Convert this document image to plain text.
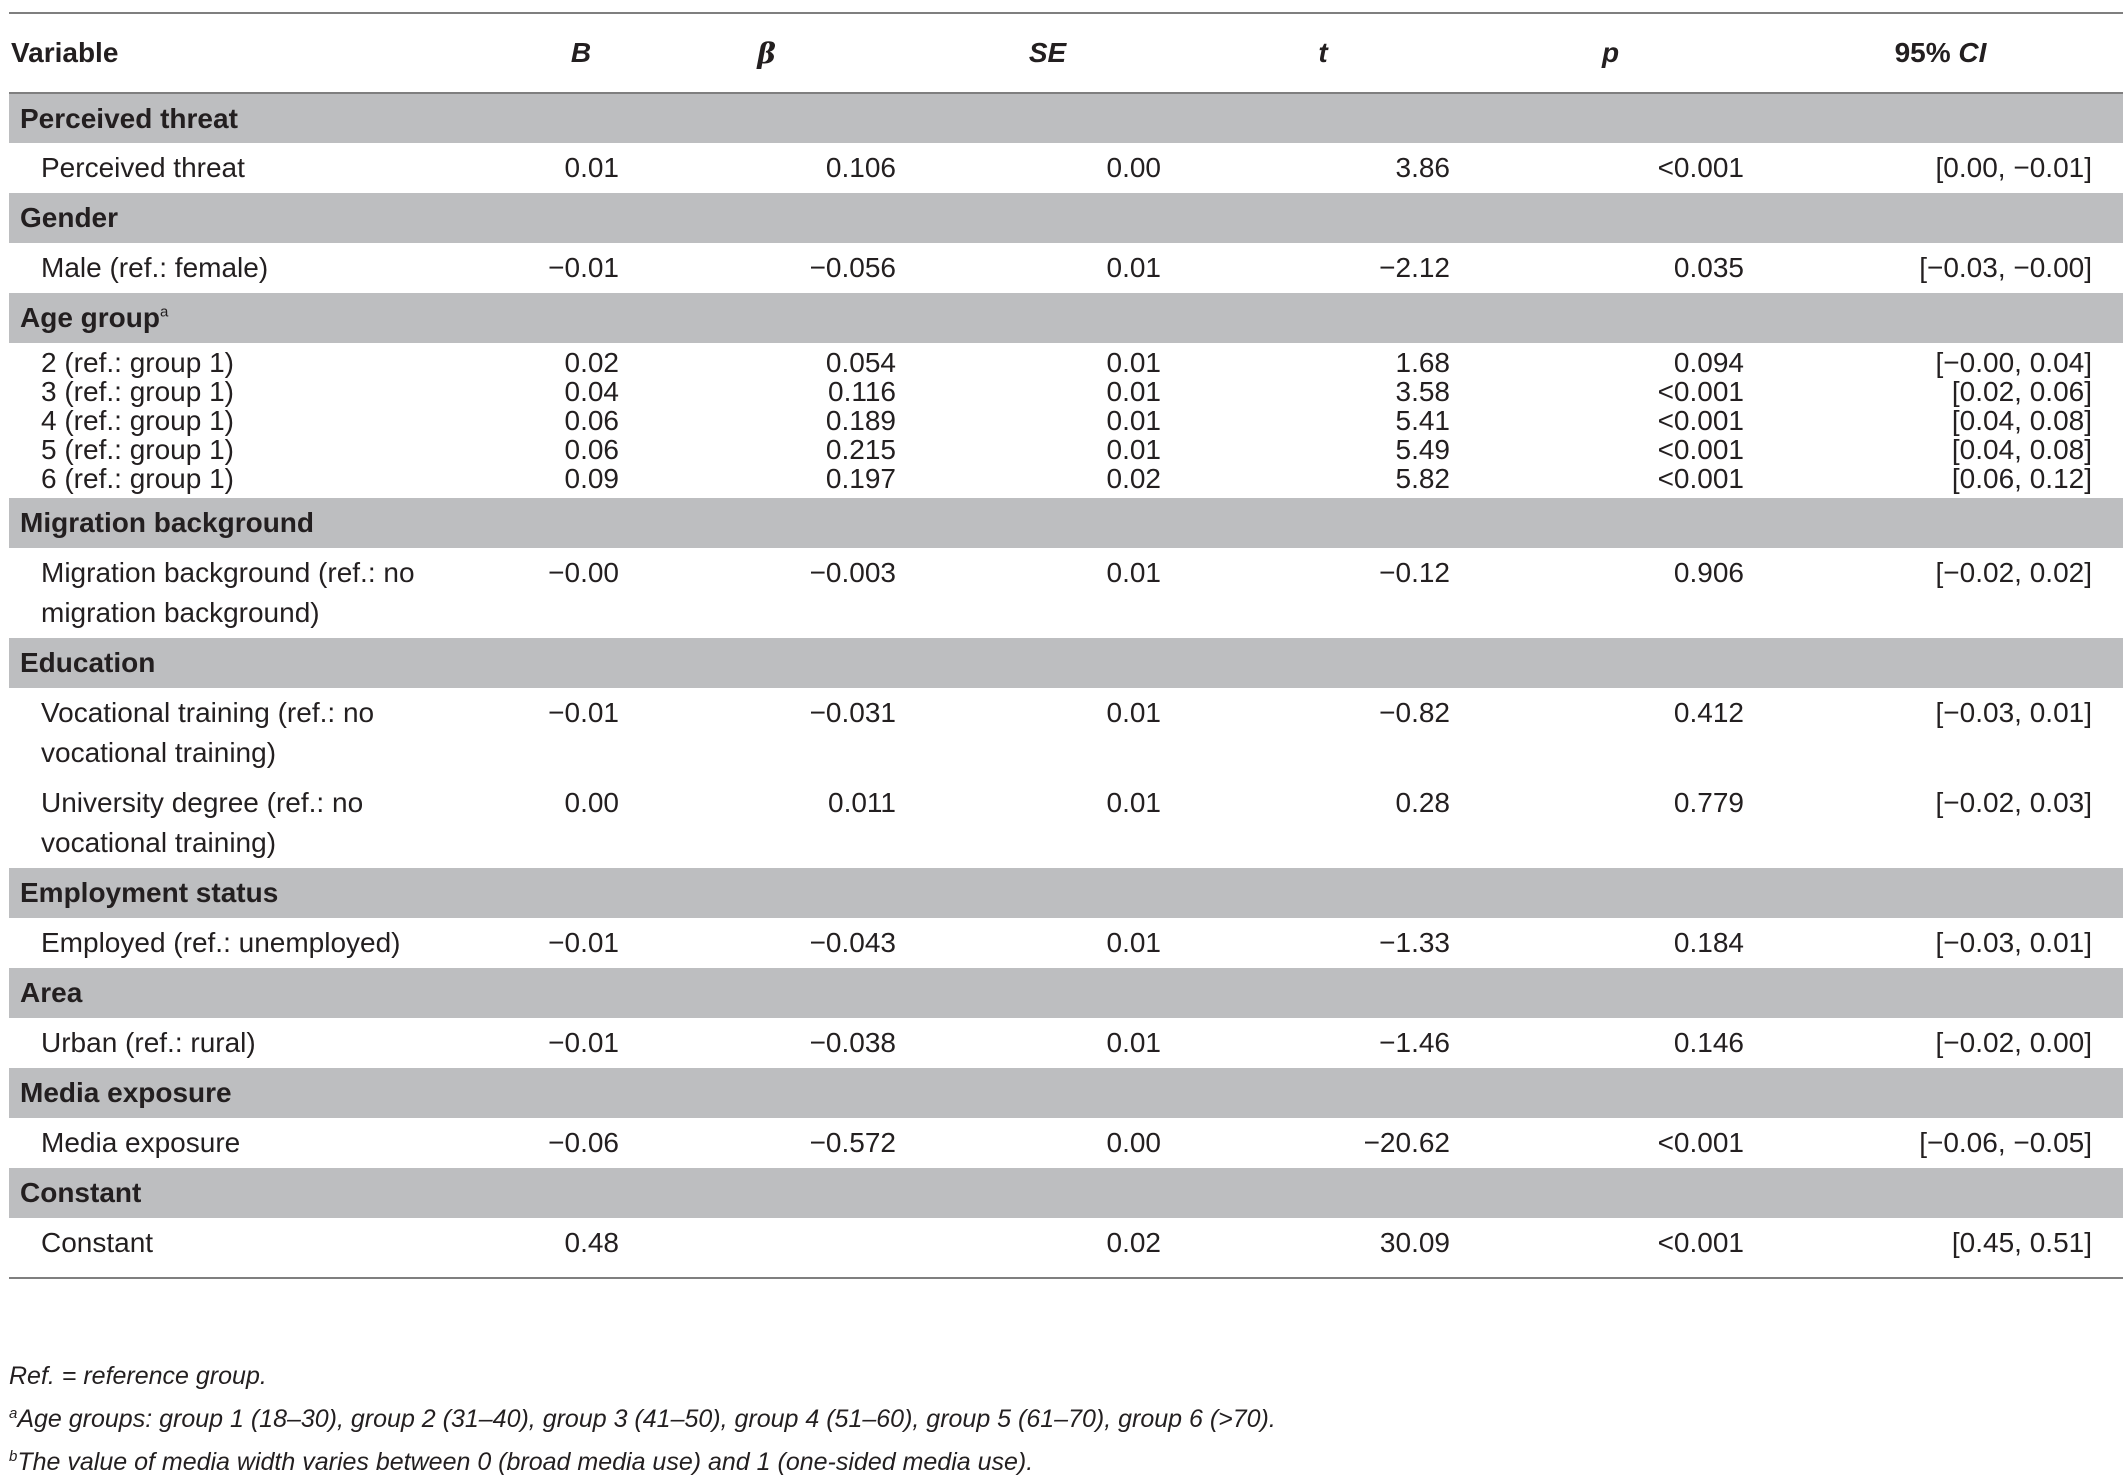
Variable	B	β	SE	t	p	95% CI
Perceived threat						

Perceived threat	0.01	0.106	0.00	3.86	<0.001	[0.00, −0.01]
Gender						

Male (ref.: female)	−0.01	−0.056	0.01	−2.12	0.035	[−0.03, −0.00]
Age group$^a$

2 (ref.: group 1)	0.02	0.054	0.01	1.68	0.094	[−0.00, 0.04]

3 (ref.: group 1)	0.04	0.116	0.01	3.58	<0.001	[0.02, 0.06]

4 (ref.: group 1)	0.06	0.189	0.01	5.41	<0.001	[0.04, 0.08]

5 (ref.: group 1)	0.06	0.215	0.01	5.49	<0.001	[0.04, 0.08]

6 (ref.: group 1)	0.09	0.197	0.02	5.82	<0.001	[0.06, 0.12]
Migration background						

Migration background (ref.: no
migration background)	−0.00	−0.003	0.01	−0.12	0.906	[−0.02, 0.02]
Education						

Vocational training (ref.: no
vocational training)	−0.01	−0.031	0.01	−0.82	0.412	[−0.03, 0.01]

University degree (ref.: no
vocational training)	0.00	0.011	0.01	0.28	0.779	[−0.02, 0.03]
Employment status						

Employed (ref.: unemployed)	−0.01	−0.043	0.01	−1.33	0.184	[−0.03, 0.01]
Area						

Urban (ref.: rural)	−0.01	−0.038	0.01	−1.46	0.146	[−0.02, 0.00]
Media exposure						

Media exposure	−0.06	−0.572	0.00	−20.62	<0.001	[−0.06, −0.05]
Constant						

Constant	0.48		0.02	30.09	<0.001	[0.45, 0.51]
Ref. = reference group.
$^a$Age groups: group 1 (18–30), group 2 (31–40), group 3 (41–50), group 4 (51–60), group 5 (61–70), group 6 (>70).
$^b$The value of media width varies between 0 (broad media use) and 1 (one-sided media use).
